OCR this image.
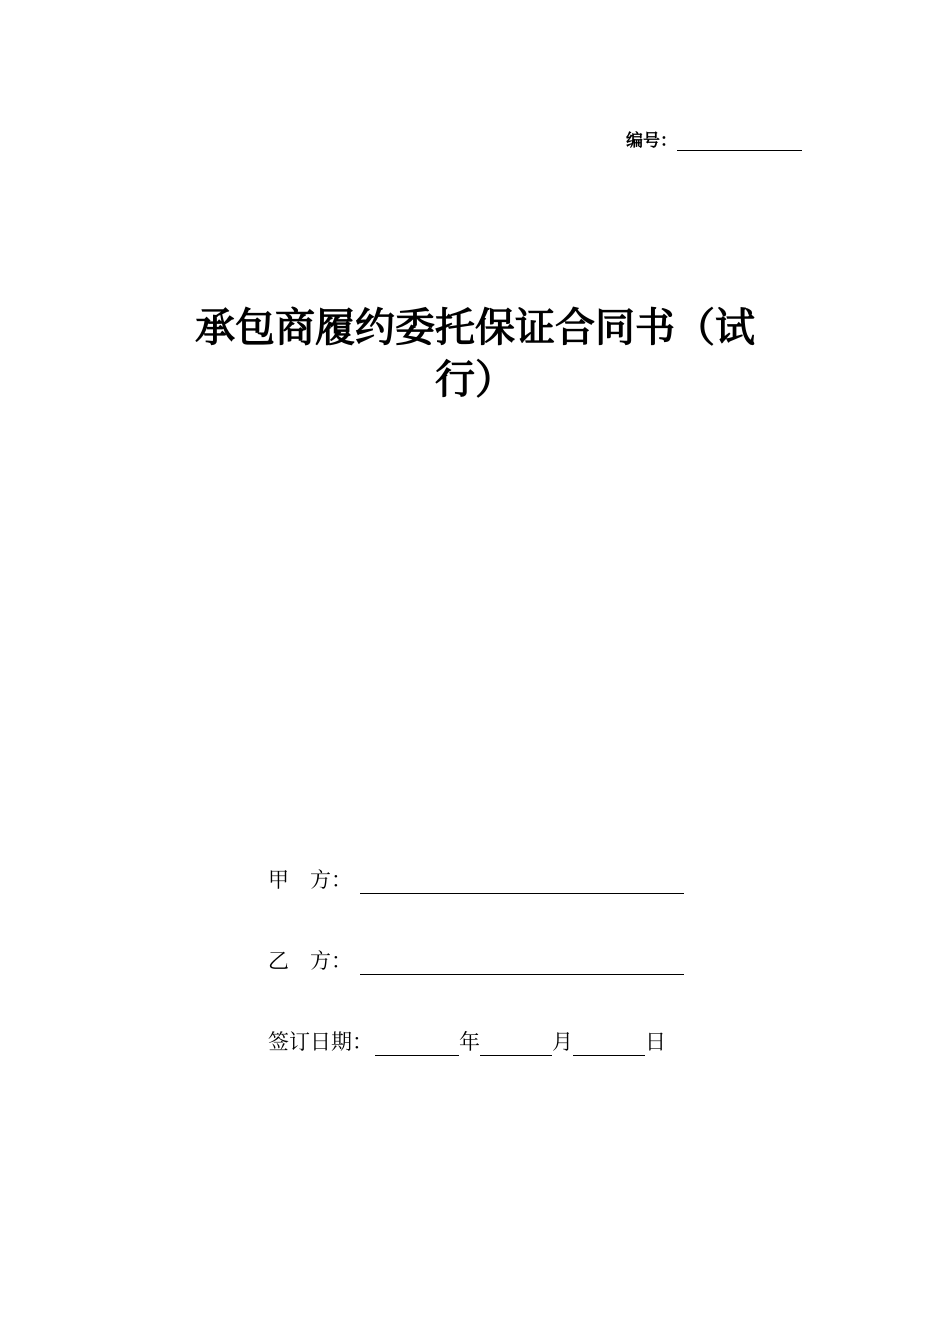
编号：
承包商履约委托保证合同书（试
行）
甲　方：
乙　方：
签订日期：	年	月	日
